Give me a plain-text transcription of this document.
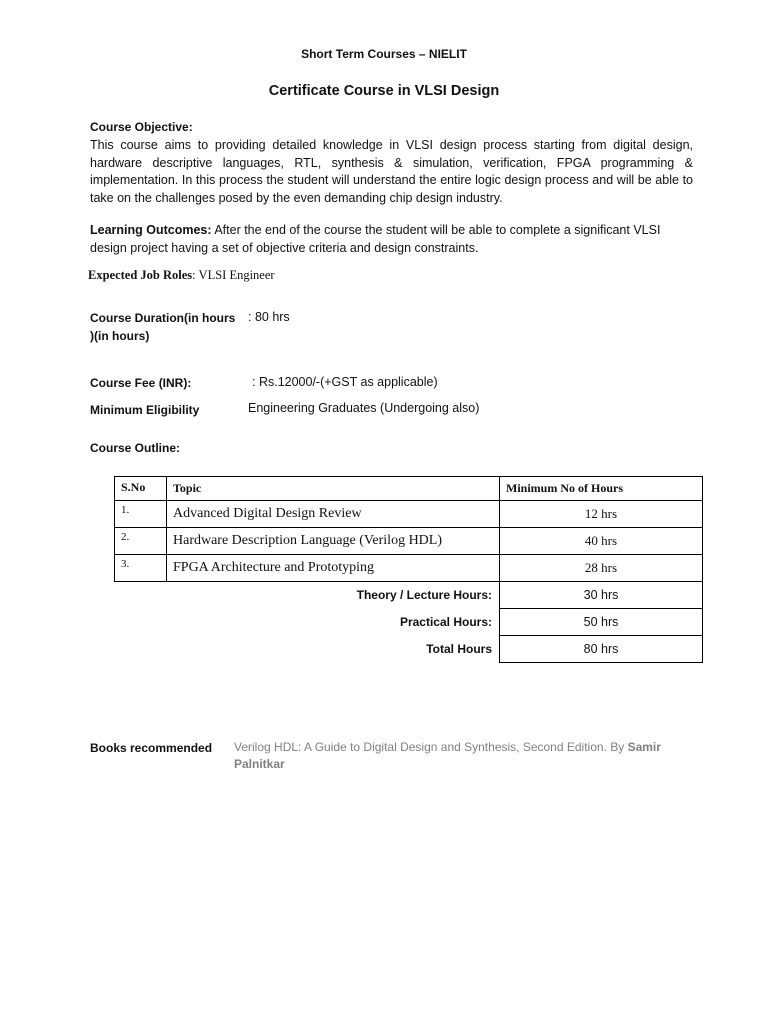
Short Term Courses – NIELIT
Certificate Course in VLSI Design
Course Objective:
This course aims to providing detailed knowledge in VLSI design process starting from digital design, hardware descriptive languages, RTL, synthesis & simulation, verification, FPGA programming & implementation. In this process the student will understand the entire logic design process and will be able to take on the challenges posed by the even demanding chip design industry.
Learning Outcomes: After the end of the course the student will be able to complete a significant VLSI design project having a set of objective criteria and design constraints.
Expected Job Roles: VLSI Engineer
Course Duration(in hours )(in hours)
: 80 hrs
Course Fee (INR):	: Rs.12000/-(+GST as applicable)
Minimum Eligibility	Engineering Graduates (Undergoing also)
Course Outline:
S.No	Topic	Minimum No of Hours
1.	Advanced Digital Design Review	12 hrs
2.	Hardware Description Language (Verilog HDL)	40 hrs
3.	FPGA Architecture and Prototyping	28 hrs
	Theory / Lecture Hours:	30 hrs
	Practical Hours:	50 hrs
	Total Hours	80 hrs
Books recommended Verilog HDL: A Guide to Digital Design and Synthesis, Second Edition. By Samir Palnitkar
